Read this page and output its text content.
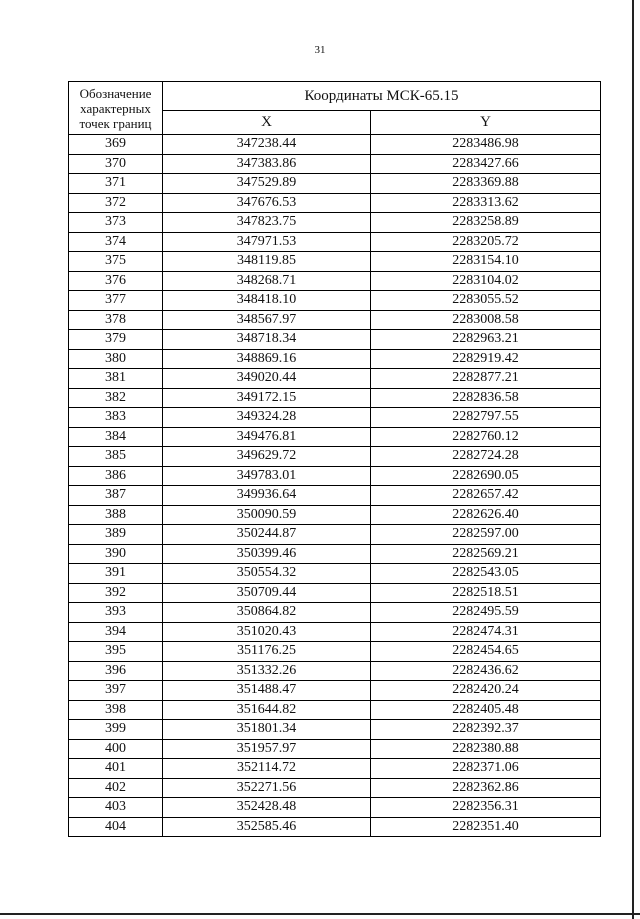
31
Обозначение
характерных
точек границ	Координаты МСК-65.15	
	X	Y
369	347238.44	2283486.98
370	347383.86	2283427.66
371	347529.89	2283369.88
372	347676.53	2283313.62
373	347823.75	2283258.89
374	347971.53	2283205.72
375	348119.85	2283154.10
376	348268.71	2283104.02
377	348418.10	2283055.52
378	348567.97	2283008.58
379	348718.34	2282963.21
380	348869.16	2282919.42
381	349020.44	2282877.21
382	349172.15	2282836.58
383	349324.28	2282797.55
384	349476.81	2282760.12
385	349629.72	2282724.28
386	349783.01	2282690.05
387	349936.64	2282657.42
388	350090.59	2282626.40
389	350244.87	2282597.00
390	350399.46	2282569.21
391	350554.32	2282543.05
392	350709.44	2282518.51
393	350864.82	2282495.59
394	351020.43	2282474.31
395	351176.25	2282454.65
396	351332.26	2282436.62
397	351488.47	2282420.24
398	351644.82	2282405.48
399	351801.34	2282392.37
400	351957.97	2282380.88
401	352114.72	2282371.06
402	352271.56	2282362.86
403	352428.48	2282356.31
404	352585.46	2282351.40
